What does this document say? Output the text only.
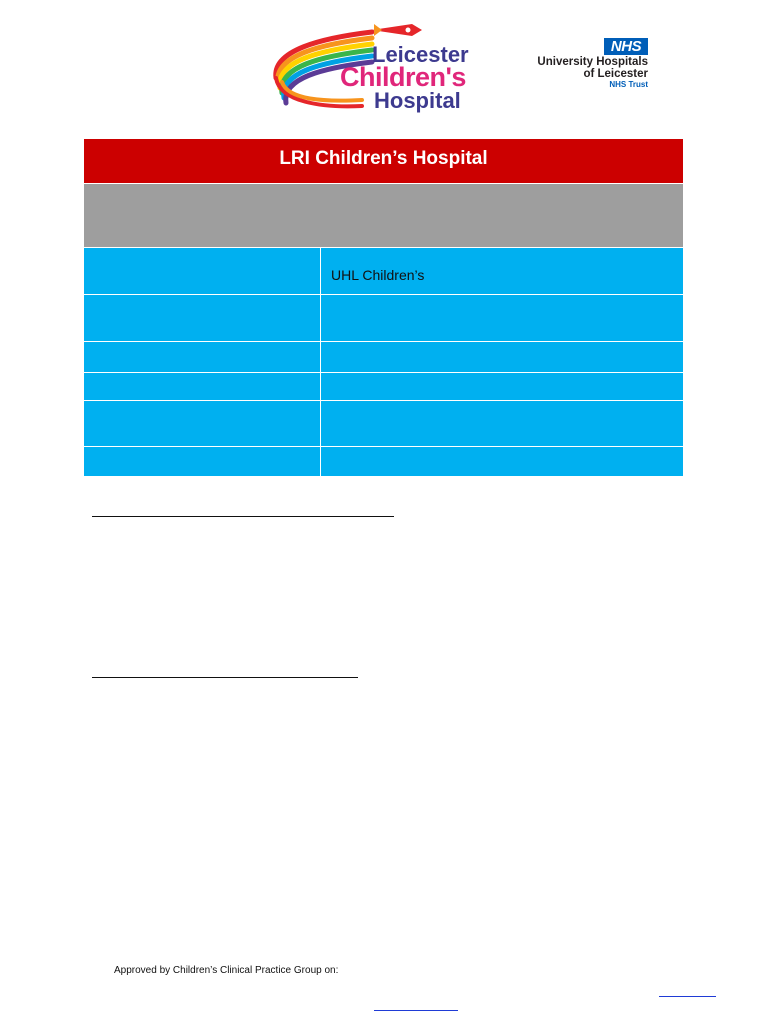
Leicester
Children's
Hospital
NHS
University Hospitals
of Leicester
NHS Trust
LRI Children’s Hospital
UHL Children’s
Approved by Children’s Clinical Practice Group on:
